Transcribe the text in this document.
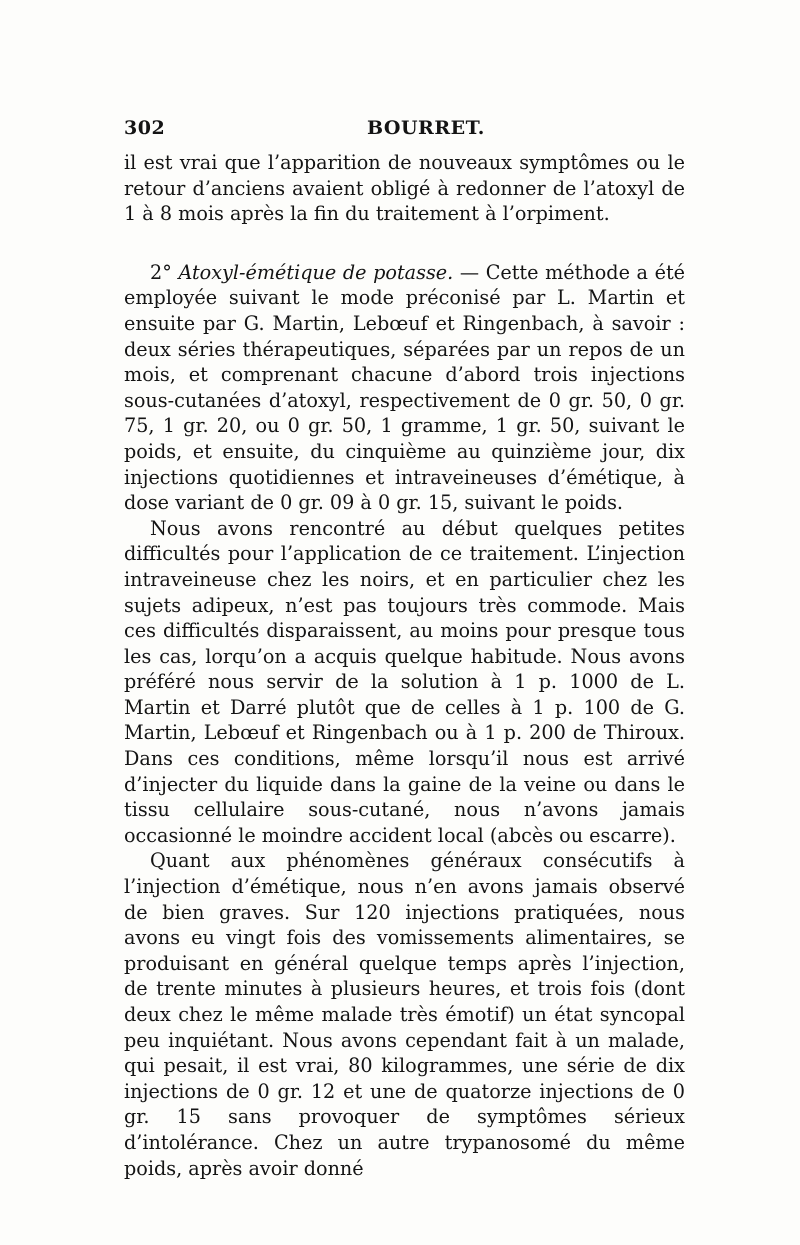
302	BOURRET.

il est vrai que l’apparition de nouveaux symptômes ou le retour d’anciens avaient obligé à redonner de l’atoxyl de 1 à 8 mois après la fin du traitement à l’orpiment.

2° Atoxyl-émétique de potasse. — Cette méthode a été employée suivant le mode préconisé par L. Martin et ensuite par G. Martin, Lebœuf et Ringenbach, à savoir : deux séries thérapeutiques, séparées par un repos de un mois, et comprenant chacune d’abord trois injections sous-cutanées d’atoxyl, respectivement de 0 gr. 50, 0 gr. 75, 1 gr. 20, ou 0 gr. 50, 1 gramme, 1 gr. 50, suivant le poids, et ensuite, du cinquième au quinzième jour, dix injections quotidiennes et intraveineuses d’émétique, à dose variant de 0 gr. 09 à 0 gr. 15, suivant le poids.

Nous avons rencontré au début quelques petites difficultés pour l’application de ce traitement. L’injection intraveineuse chez les noirs, et en particulier chez les sujets adipeux, n’est pas toujours très commode. Mais ces difficultés disparaissent, au moins pour presque tous les cas, lorqu’on a acquis quelque habitude. Nous avons préféré nous servir de la solution à 1 p. 1000 de L. Martin et Darré plutôt que de celles à 1 p. 100 de G. Martin, Lebœuf et Ringenbach ou à 1 p. 200 de Thiroux. Dans ces conditions, même lorsqu’il nous est arrivé d’injecter du liquide dans la gaine de la veine ou dans le tissu cellulaire sous-cutané, nous n’avons jamais occasionné le moindre accident local (abcès ou escarre).

Quant aux phénomènes généraux consécutifs à l’injection d’émétique, nous n’en avons jamais observé de bien graves. Sur 120 injections pratiquées, nous avons eu vingt fois des vomissements alimentaires, se produisant en général quelque temps après l’injection, de trente minutes à plusieurs heures, et trois fois (dont deux chez le même malade très émotif) un état syncopal peu inquiétant. Nous avons cependant fait à un malade, qui pesait, il est vrai, 80 kilogrammes, une série de dix injections de 0 gr. 12 et une de quatorze injections de 0 gr. 15 sans provoquer de symptômes sérieux d’intolérance. Chez un autre trypanosomé du même poids, après avoir donné
